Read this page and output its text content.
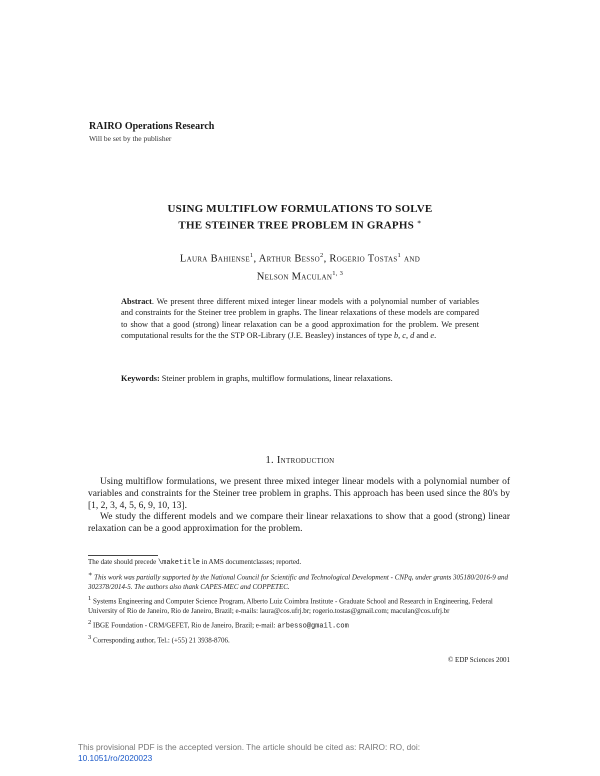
RAIRO Operations Research
Will be set by the publisher
USING MULTIFLOW FORMULATIONS TO SOLVE
THE STEINER TREE PROBLEM IN GRAPHS ∗
Laura Bahiense$^1$, Arthur Besso$^2$, Rogerio Tostas$^1$ and
Nelson Maculan$^{1, 3}$
Abstract. We present three different mixed integer linear models with a polynomial number of variables and constraints for the Steiner tree problem in graphs. The linear relaxations of these models are compared to show that a good (strong) linear relaxation can be a good approximation for the problem. We present computational results for the the STP OR-Library (J.E. Beasley) instances of type b, c, d and e.
Keywords: Steiner problem in graphs, multiflow formulations, linear relaxations.
1. Introduction

Using multiflow formulations, we present three mixed integer linear models with a polynomial number of variables and constraints for the Steiner tree problem in graphs. This approach has been used since the 80's by [1, 2, 3, 4, 5, 6, 9, 10, 13].

We study the different models and we compare their linear relaxations to show that a good (strong) linear relaxation can be a good approximation for the problem.

The date should precede \maketitle in AMS documentclasses; reported.
∗ This work was partially supported by the National Council for Scientific and Technological Development - CNPq, under grants 305180/2016-9 and 302378/2014-5. The authors also thank CAPES-MEC and COPPETEC.
$^1$ Systems Engineering and Computer Science Program, Alberto Luiz Coimbra Institute - Graduate School and Research in Engineering, Federal University of Rio de Janeiro, Rio de Janeiro, Brazil; e-mails: laura@cos.ufrj.br; rogerio.tostas@gmail.com; maculan@cos.ufrj.br
$^2$ IBGE Foundation - CRM/GEFET, Rio de Janeiro, Brazil; e-mail: arbesso@gmail.com
$^3$ Corresponding author, Tel.: (+55) 21 3938-8706.
© EDP Sciences 2001
This provisional PDF is the accepted version. The article should be cited as: RAIRO: RO, doi:
10.1051/ro/2020023
